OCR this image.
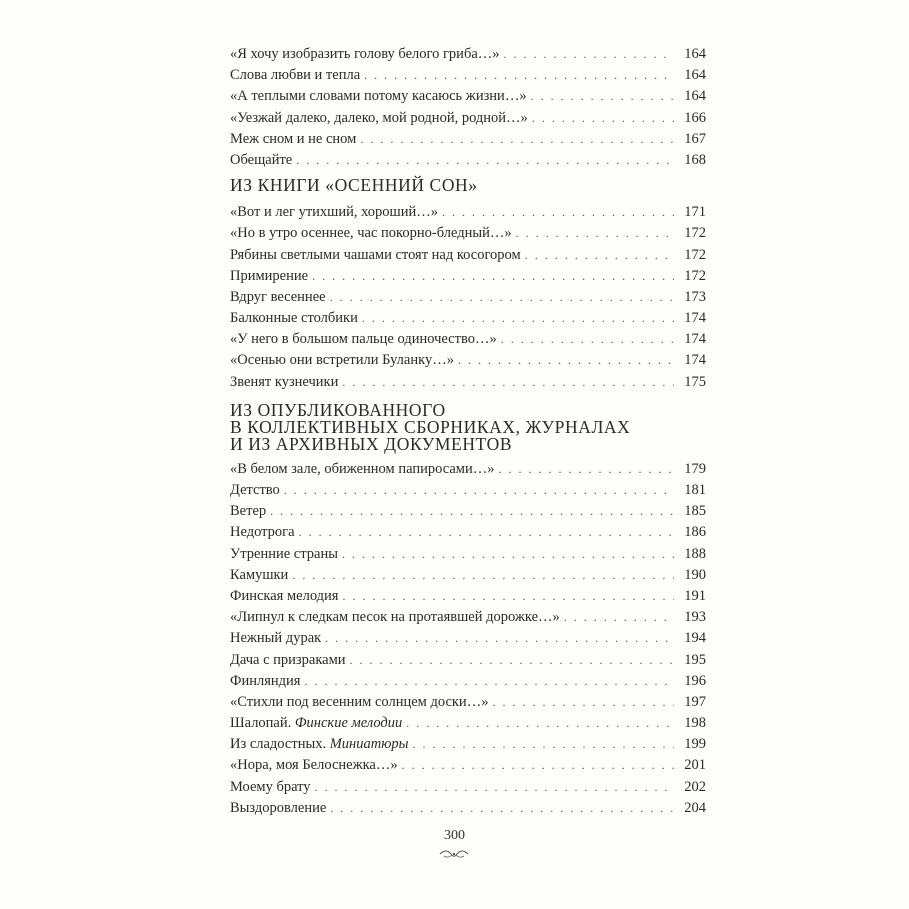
«Я хочу изобразить голову белого гриба…» . . .	164
Слова любви и тепла . . .	164
«А теплыми словами потому касаюсь жизни…» . . .	164
«Уезжай далеко, далеко, мой родной, родной…» . . .	166
Меж сном и не сном . . .	167
Обещайте . . .	168
ИЗ КНИГИ «ОСЕННИЙ СОН»
«Вот и лег утихший, хороший…» . . .	171
«Но в утро осеннее, час покорно-бледный…» . . .	172
Рябины светлыми чашами стоят над косогором . . .	172
Примирение . . .	172
Вдруг весеннее . . .	173
Балконные столбики . . .	174
«У него в большом пальце одиночество…» . . .	174
«Осенью они встретили Буланку…» . . .	174
Звенят кузнечики . . .	175
ИЗ ОПУБЛИКОВАННОГО
В КОЛЛЕКТИВНЫХ СБОРНИКАХ, ЖУРНАЛАХ
И ИЗ АРХИВНЫХ ДОКУМЕНТОВ
«В белом зале, обиженном папиросами…» . . .	179
Детство . . .	181
Ветер . . .	185
Недотрога . . .	186
Утренние страны . . .	188
Камушки . . .	190
Финская мелодия . . .	191
«Липнул к следкам песок на протаявшей дорожке…» . . .	193
Нежный дурак . . .	194
Дача с призраками . . .	195
Финляндия . . .	196
«Стихли под весенним солнцем доски…» . . .	197
Шалопай. Финские мелодии . . .	198
Из сладостных. Миниатюры . . .	199
«Нора, моя Белоснежка…» . . .	201
Моему брату . . .	202
Выздоровление . . .	204
300
